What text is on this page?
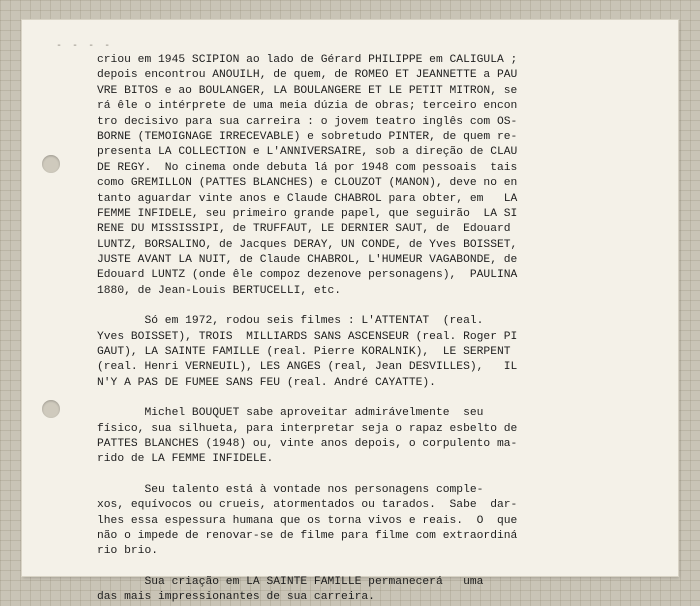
- - - -
criou em 1945 SCIPION ao lado de Gérard PHILIPPE em CALIGULA ;
depois encontrou ANOUILH, de quem, de ROMEO ET JEANNETTE a PAU
VRE BITOS e ao BOULANGER, LA BOULANGERE ET LE PETIT MITRON, se
rá êle o intérprete de uma meia dúzia de obras; terceiro encon
tro decisivo para sua carreira : o jovem teatro inglês com OS-
BORNE (TEMOIGNAGE IRRECEVABLE) e sobretudo PINTER, de quem re-
presenta LA COLLECTION e L'ANNIVERSAIRE, sob a direção de CLAU
DE REGY.  No cinema onde debuta lá por 1948 com pessoais  tais
como GREMILLON (PATTES BLANCHES) e CLOUZOT (MANON), deve no en
tanto aguardar vinte anos e Claude CHABROL para obter, em   LA
FEMME INFIDELE, seu primeiro grande papel, que seguirão  LA SI
RENE DU MISSISSIPI, de TRUFFAUT, LE DERNIER SAUT, de  Edouard
LUNTZ, BORSALINO, de Jacques DERAY, UN CONDE, de Yves BOISSET,
JUSTE AVANT LA NUIT, de Claude CHABROL, L'HUMEUR VAGABONDE, de
Edouard LUNTZ (onde êle compoz dezenove personagens),  PAULINA
1880, de Jean-Louis BERTUCELLI, etc.
Só em 1972, rodou seis filmes : L'ATTENTAT  (real.
Yves BOISSET), TROIS  MILLIARDS SANS ASCENSEUR (real. Roger PI
GAUT), LA SAINTE FAMILLE (real. Pierre KORALNIK),  LE SERPENT
(real. Henri VERNEUIL), LES ANGES (real, Jean DESVILLES),   IL
N'Y A PAS DE FUMEE SANS FEU (real. André CAYATTE).
Michel BOUQUET sabe aproveitar admirávelmente  seu
físico, sua silhueta, para interpretar seja o rapaz esbelto de
PATTES BLANCHES (1948) ou, vinte anos depois, o corpulento ma-
rido de LA FEMME INFIDELE.
Seu talento está à vontade nos personagens comple-
xos, equívocos ou crueis, atormentados ou tarados.  Sabe  dar-
lhes essa espessura humana que os torna vivos e reais.  O  que
não o impede de renovar-se de filme para filme com extraordiná
rio brio.
Sua criação em LA SAINTE FAMILLE permanecerá   uma
das mais impressionantes de sua carreira.
